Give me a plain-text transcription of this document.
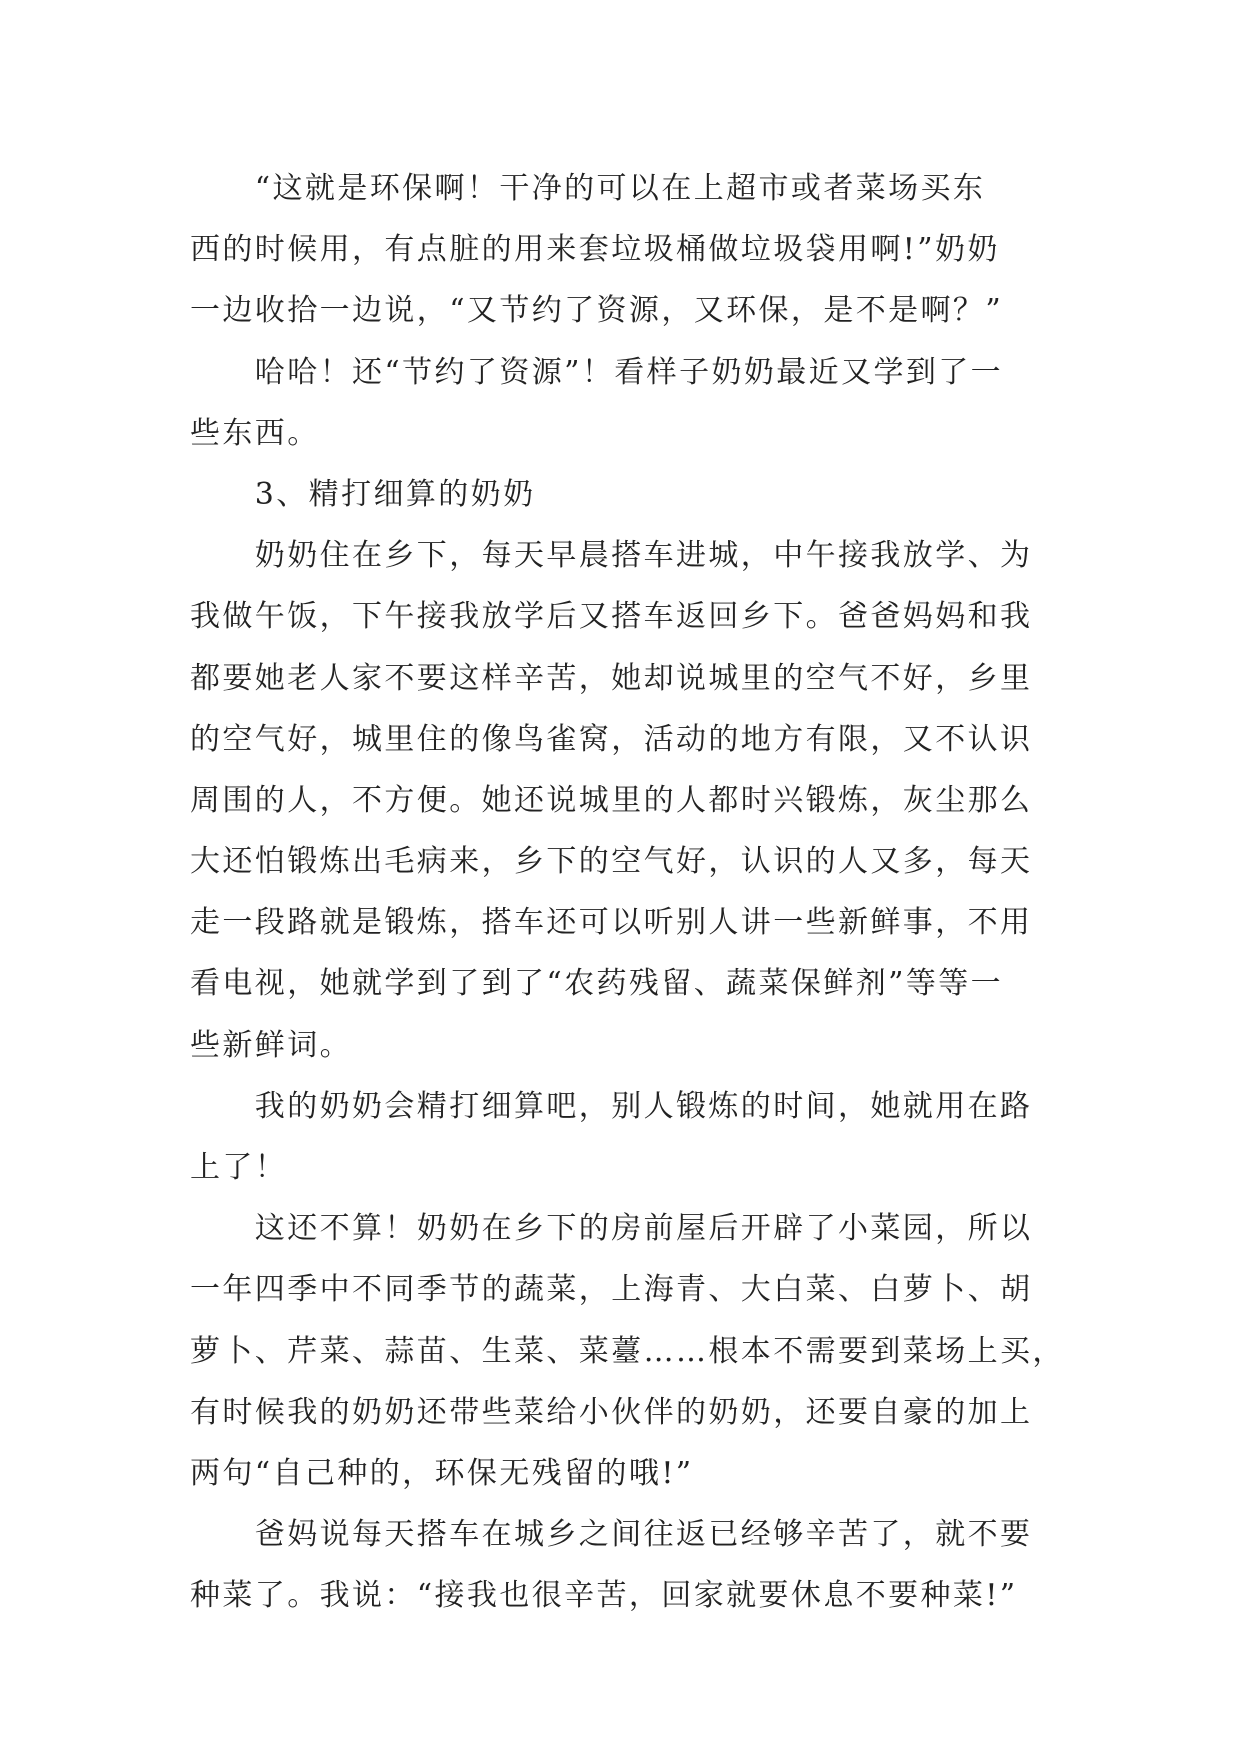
　　“这就是环保啊！干净的可以在上超市或者菜场买东
西的时候用，有点脏的用来套垃圾桶做垃圾袋用啊!”奶奶
一边收拾一边说，“又节约了资源，又环保，是不是啊？”
　　哈哈！还“节约了资源”！看样子奶奶最近又学到了一
些东西。
　　3、精打细算的奶奶
　　奶奶住在乡下，每天早晨搭车进城，中午接我放学、为
我做午饭，下午接我放学后又搭车返回乡下。爸爸妈妈和我
都要她老人家不要这样辛苦，她却说城里的空气不好，乡里
的空气好，城里住的像鸟雀窝，活动的地方有限，又不认识
周围的人，不方便。她还说城里的人都时兴锻炼，灰尘那么
大还怕锻炼出毛病来，乡下的空气好，认识的人又多，每天
走一段路就是锻炼，搭车还可以听别人讲一些新鲜事，不用
看电视，她就学到了到了“农药残留、蔬菜保鲜剂”等等一
些新鲜词。
　　我的奶奶会精打细算吧，别人锻炼的时间，她就用在路
上了！
　　这还不算！奶奶在乡下的房前屋后开辟了小菜园，所以
一年四季中不同季节的蔬菜，上海青、大白菜、白萝卜、胡
萝卜、芹菜、蒜苗、生菜、菜薹……根本不需要到菜场上买，
有时候我的奶奶还带些菜给小伙伴的奶奶，还要自豪的加上
两句“自己种的，环保无残留的哦!”
　　爸妈说每天搭车在城乡之间往返已经够辛苦了，就不要
种菜了。我说：“接我也很辛苦，回家就要休息不要种菜!”
